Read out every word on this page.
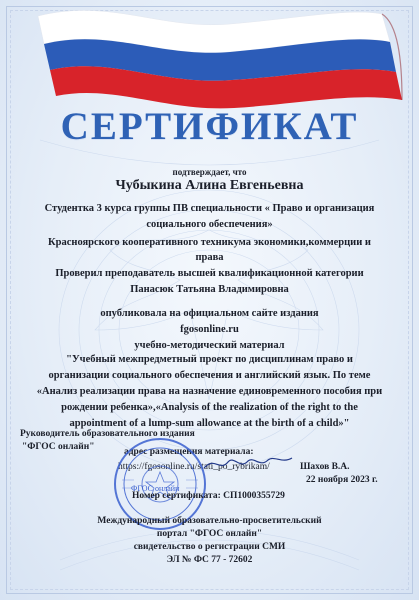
СЕРТИФИКАТ
подтверждает, что
Чубыкина Алина Евгеньевна
Студентка 3 курса группы ПВ специальности « Право и организация
социального обеспечения»
Красноярского кооперативного техникума экономики,коммерции и
права
Проверил преподаватель высшей квалификационной категории
Панасюк Татьяна Владимировна
опубликовала на официальном сайте издания
fgosonline.ru
учебно-методический материал
"Учебный межпредметный проект по дисциплинам право и
организации социального обеспечения и английский язык. По теме
«Анализ реализации права на назначение единовременного пособия при
рождении ребенка»,«Analysis of the realization of the right to the
appointment of a lump-sum allowance at the birth of a child»"
Руководитель образовательного издания
"ФГОС онлайн"	адрес размещения материала:
https://fgosonline.ru/stati_po_rybrikam/	Шахов В.А.
22 ноября 2023 г.
ФГОС онлайн
Номер сертификата: СП1000355729
Международный образовательно-просветительский
портал "ФГОС онлайн"
свидетельство о регистрации СМИ
ЭЛ № ФС 77 - 72602
